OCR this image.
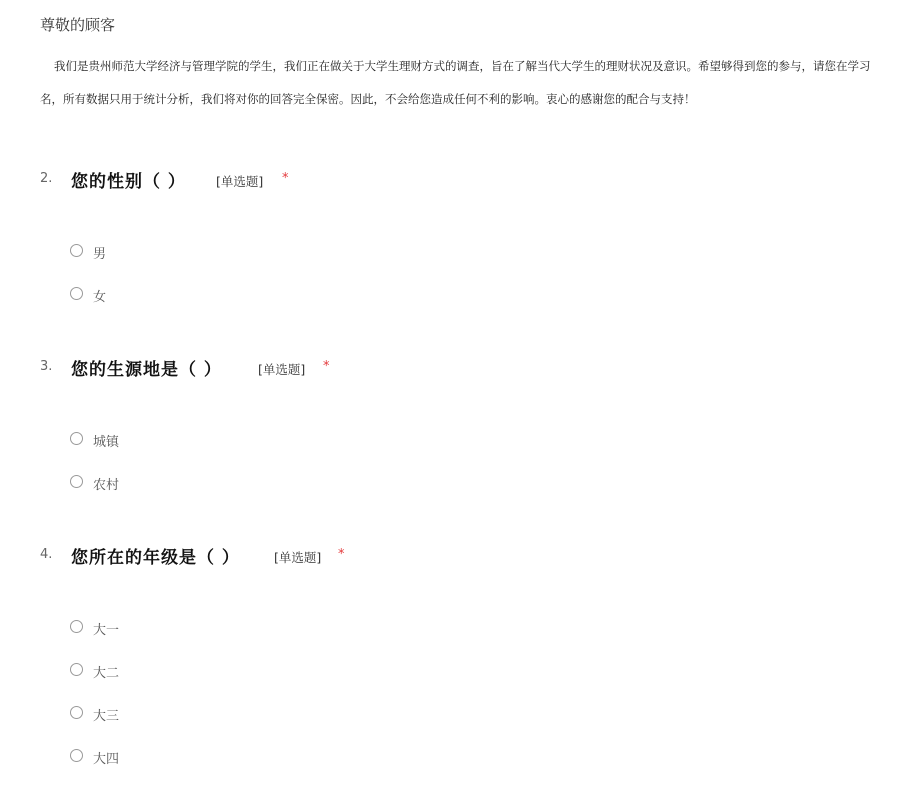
尊敬的顾客
我们是贵州师范大学经济与管理学院的学生，我们正在做关于大学生理财方式的调查，旨在了解当代大学生的理财状况及意识。希望够得到您的参与，请您在学习
名，所有数据只用于统计分析，我们将对你的回答完全保密。因此，不会给您造成任何不利的影响。衷心的感谢您的配合与支持！
2. 您的性别（ ） [单选题] *
男
女
3. 您的生源地是（ ）	[单选题] *
城镇
农村
4. 您所在的年级是（ ）	[单选题] *
大一
大二
大三
大四
